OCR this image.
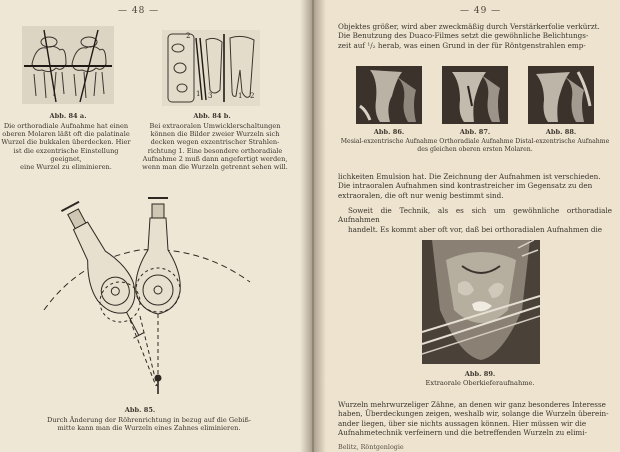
— 48 —
Abb. 84 a.
Die orthoradiale Aufnahme hat einen
oberen Molaren läßt oft die palatinale
Wurzel die bukkalen überdecken. Hier
ist die exzentrische Einstellung geeignet,
eine Wurzel zu eliminieren.
1
2
3	1 2
Abb. 84 b.
Bei extraoralen Umwicklerschaltungen
können die Bilder zweier Wurzeln sich
decken wegen exzentrischer Strahlen-
richtung 1. Eine besondere orthoradiale
Aufnahme 2 muß dann angefertigt werden,
wenn man die Wurzeln getrennt sehen will.
Abb. 85.
Durch Änderung der Röhrenrichtung in bezug auf die Gebiß-
mitte kann man die Wurzeln eines Zahnes eliminieren.
— 49 —
Objektes größer, wird aber zweckmäßig durch Verstärkerfolie verkürzt.
Die Benutzung des Duaco-Filmes setzt die gewöhnliche Belichtungs-
zeit auf ¹/₂ herab, was einen Grund in der für Röntgenstrahlen emp-
Abb. 86.	Abb. 87.	Abb. 88.
Mesial-exzentrische Aufnahme Orthoradiale Aufnahme Distal-exzentrische Aufnahme
des gleichen oberen ersten Molaren.
lichkeiten Emulsion hat. Die Zeichnung der Aufnahmen ist verschieden.
Die intraoralen Aufnahmen sind kontrastreicher im Gegensatz zu den
extraoralen, die oft nur wenig bestimmt sind.
Soweit die Technik, als es sich um gewöhnliche orthoradiale Aufnahmen
handelt. Es kommt aber oft vor, daß bei orthoradialen Aufnahmen die
Abb. 89.
Extraorale Oberkieferaufnahme.
Wurzeln mehrwurzeliger Zähne, an denen wir ganz besonderes Interesse
haben, Überdeckungen zeigen, weshalb wir, solange die Wurzeln überein-
ander liegen, über sie nichts aussagen können. Hier müssen wir die
Aufnahmetechnik verfeinern und die betreffenden Wurzeln zu elimi-
Belitz, Röntgenlogie
